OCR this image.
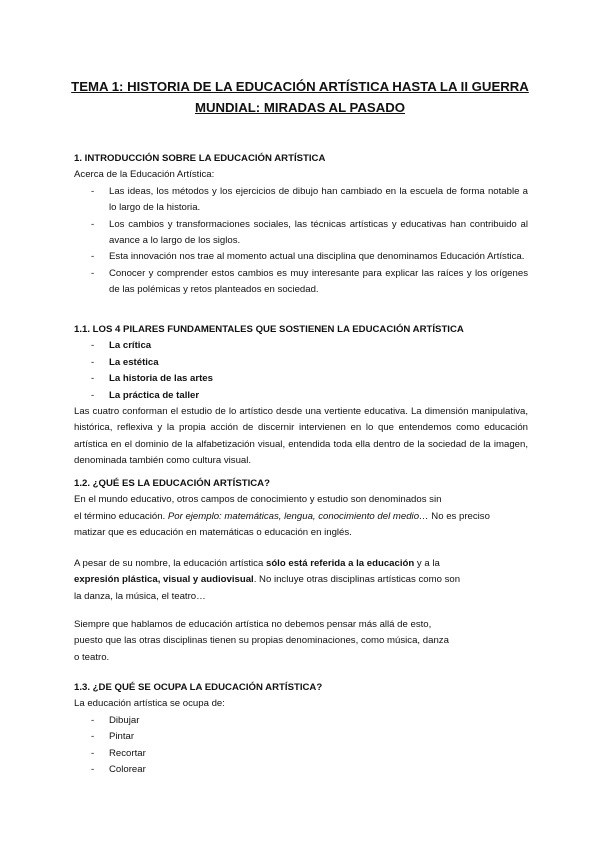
TEMA 1: HISTORIA DE LA EDUCACIÓN ARTÍSTICA HASTA LA II GUERRA MUNDIAL: MIRADAS AL PASADO

1. INTRODUCCIÓN SOBRE LA EDUCACIÓN ARTÍSTICA

Acerca de la Educación Artística:

- Las ideas, los métodos y los ejercicios de dibujo han cambiado en la escuela de forma notable a lo largo de la historia.
- Los cambios y transformaciones sociales, las técnicas artísticas y educativas han contribuido al avance a lo largo de los siglos.
- Esta innovación nos trae al momento actual una disciplina que denominamos Educación Artística.
- Conocer y comprender estos cambios es muy interesante para explicar las raíces y los orígenes de las polémicas y retos planteados en sociedad.

1.1. LOS 4 PILARES FUNDAMENTALES QUE SOSTIENEN LA EDUCACIÓN ARTÍSTICA

- La crítica
- La estética
- La historia de las artes
- La práctica de taller

Las cuatro conforman el estudio de lo artístico desde una vertiente educativa. La dimensión manipulativa, histórica, reflexiva y la propia acción de discernir intervienen en lo que entendemos como educación artística en el dominio de la alfabetización visual, entendida toda ella dentro de la sociedad de la imagen, denominada también como cultura visual.

1.2. ¿QUÉ ES LA EDUCACIÓN ARTÍSTICA?

En el mundo educativo, otros campos de conocimiento y estudio son denominados sin

el término educación. Por ejemplo: matemáticas, lengua, conocimiento del medio… No es preciso

matizar que es educación en matemáticas o educación en inglés.

A pesar de su nombre, la educación artística sólo está referida a la educación y a la

expresión plástica, visual y audiovisual. No incluye otras disciplinas artísticas como son

la danza, la música, el teatro…

Siempre que hablamos de educación artística no debemos pensar más allá de esto,

puesto que las otras disciplinas tienen su propias denominaciones, como música, danza

o teatro.

1.3. ¿DE QUÉ SE OCUPA LA EDUCACIÓN ARTÍSTICA?

La educación artística se ocupa de:

- Dibujar
- Pintar
- Recortar
- Colorear
